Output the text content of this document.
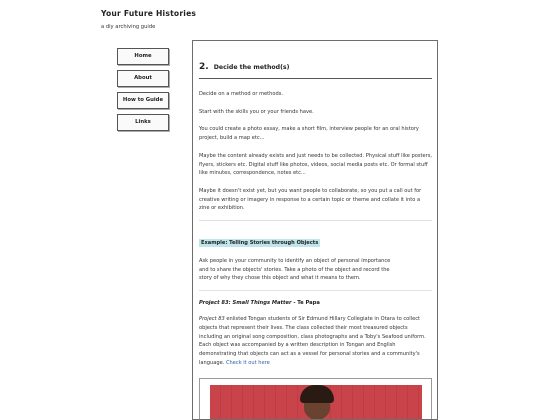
Your Future Histories
a diy archiving guide
Home
About
How to Guide
Links
2. Decide the method(s)

Decide on a method or methods.

Start with the skills you or your friends have.

You could create a photo essay, make a short film, interview people for an oral history project, build a map etc...

Maybe the content already exists and just needs to be collected. Physical stuff like posters, flyers, stickers etc. Digital stuff like photos, videos, social media posts etc. Or formal stuff like minutes, correspondence, notes etc...

Maybe it doesn't exist yet, but you want people to collaborate, so you put a call out for creative writing or imagery in response to a certain topic or theme and collate it into a zine or exhibition.

Example: Telling Stories through Objects

Ask people in your community to identify an object of personal importance
and to share the objects' stories. Take a photo of the object and record the
story of why they chose this object and what it means to them.

Project 83: Small Things Matter - Te Papa

Project 83 enlisted Tongan students of Sir Edmund Hillary Collegiate in Otara to collect objects that represent their lives. The class collected their most treasured objects including an original song composition, class photographs and a Toby's Seafood uniform. Each object was accompanied by a written description in Tongan and English demonstrating that objects can act as a vessel for personal stories and a community's language. Check it out here
